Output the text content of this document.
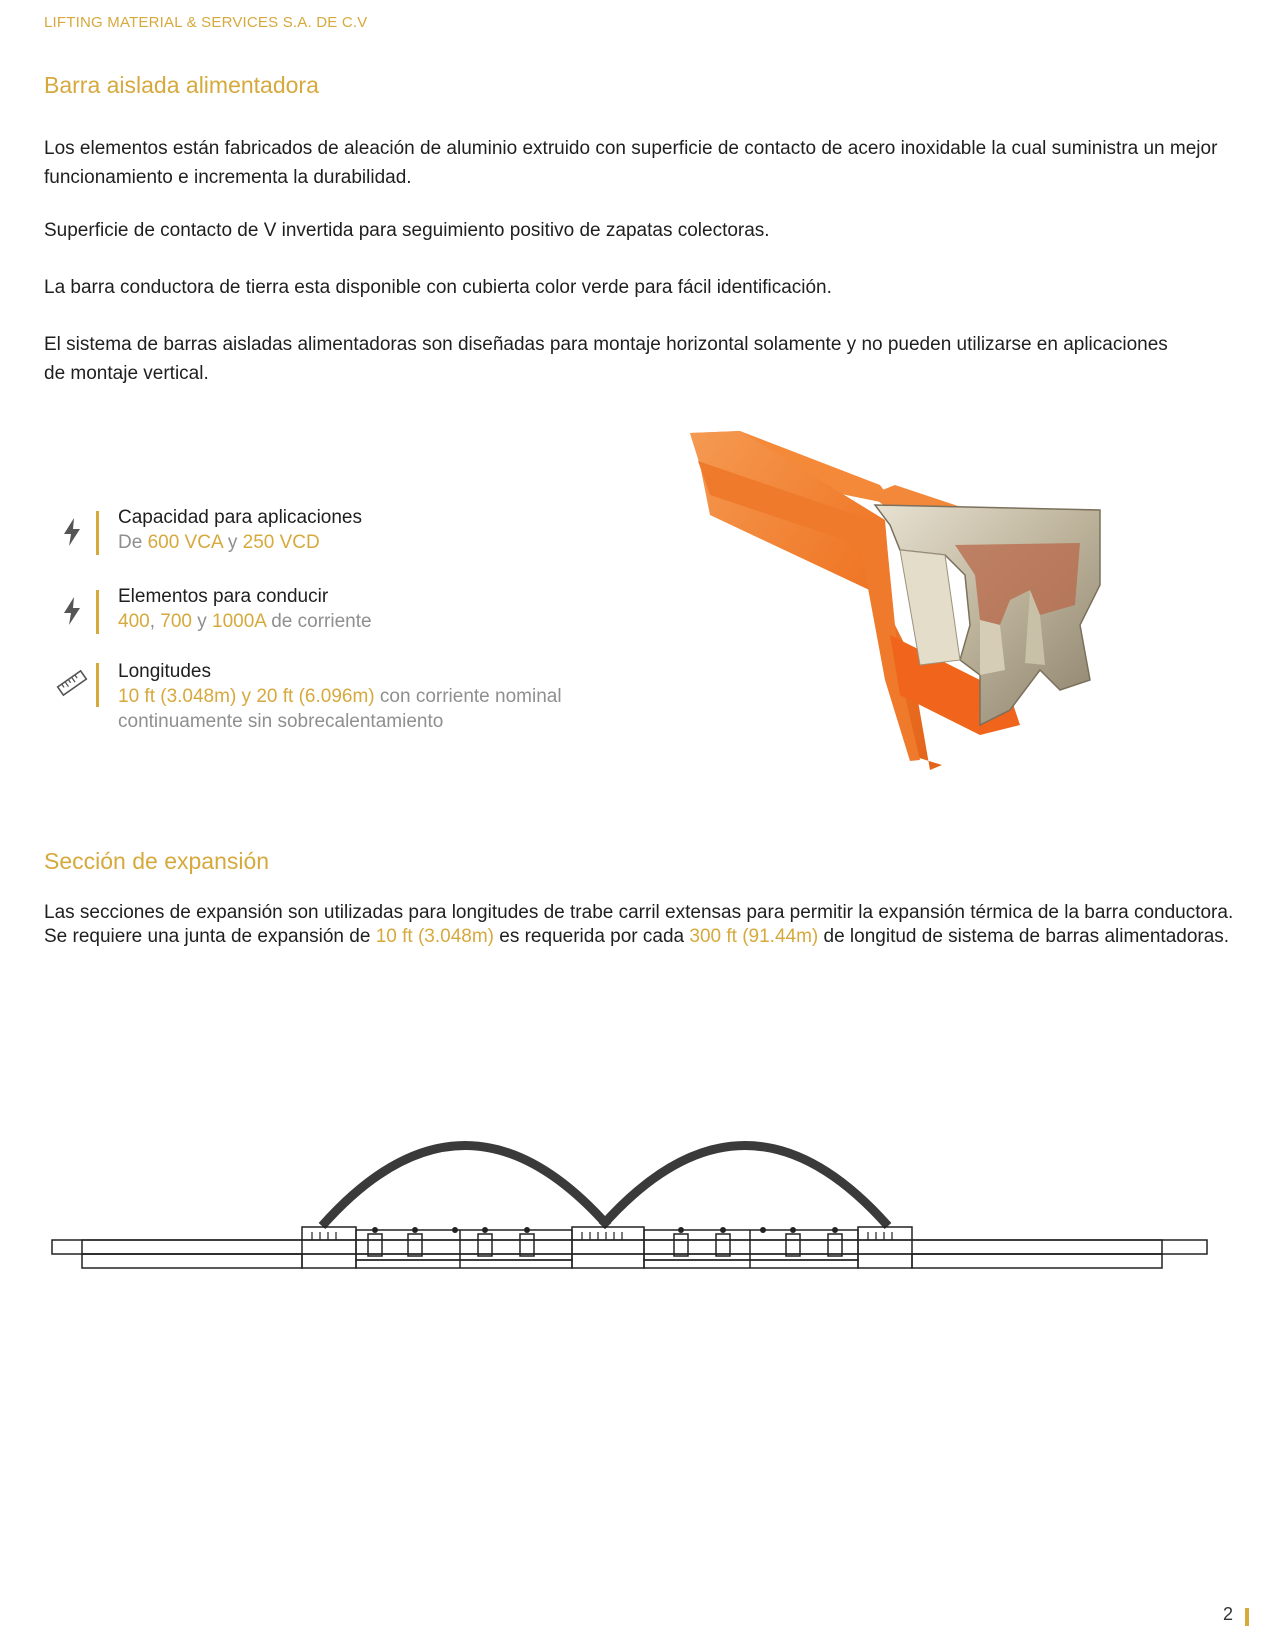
LIFTING MATERIAL & SERVICES S.A. DE C.V
Barra aislada alimentadora
Los elementos están fabricados de aleación de aluminio extruido con superficie de contacto de acero inoxidable la cual suministra un mejor funcionamiento e incrementa la durabilidad.
Superficie de contacto de V invertida para seguimiento positivo de zapatas colectoras.
La barra conductora de tierra esta disponible con cubierta color verde para fácil identificación.
El sistema de barras aisladas alimentadoras son diseñadas para montaje horizontal solamente y no pueden utilizarse en aplicaciones de montaje vertical.
Capacidad para aplicaciones
De 600 VCA y 250 VCD
Elementos para conducir
400, 700 y 1000A de corriente
Longitudes
10 ft (3.048m) y 20 ft (6.096m) con corriente nominal continuamente sin sobrecalentamiento
Sección de expansión
Las secciones de expansión son utilizadas para longitudes de trabe carril extensas para permitir la expansión térmica de la barra conductora. Se requiere una junta de expansión de 10 ft (3.048m) es requerida por cada 300 ft (91.44m) de longitud de sistema de barras alimentadoras.
2
